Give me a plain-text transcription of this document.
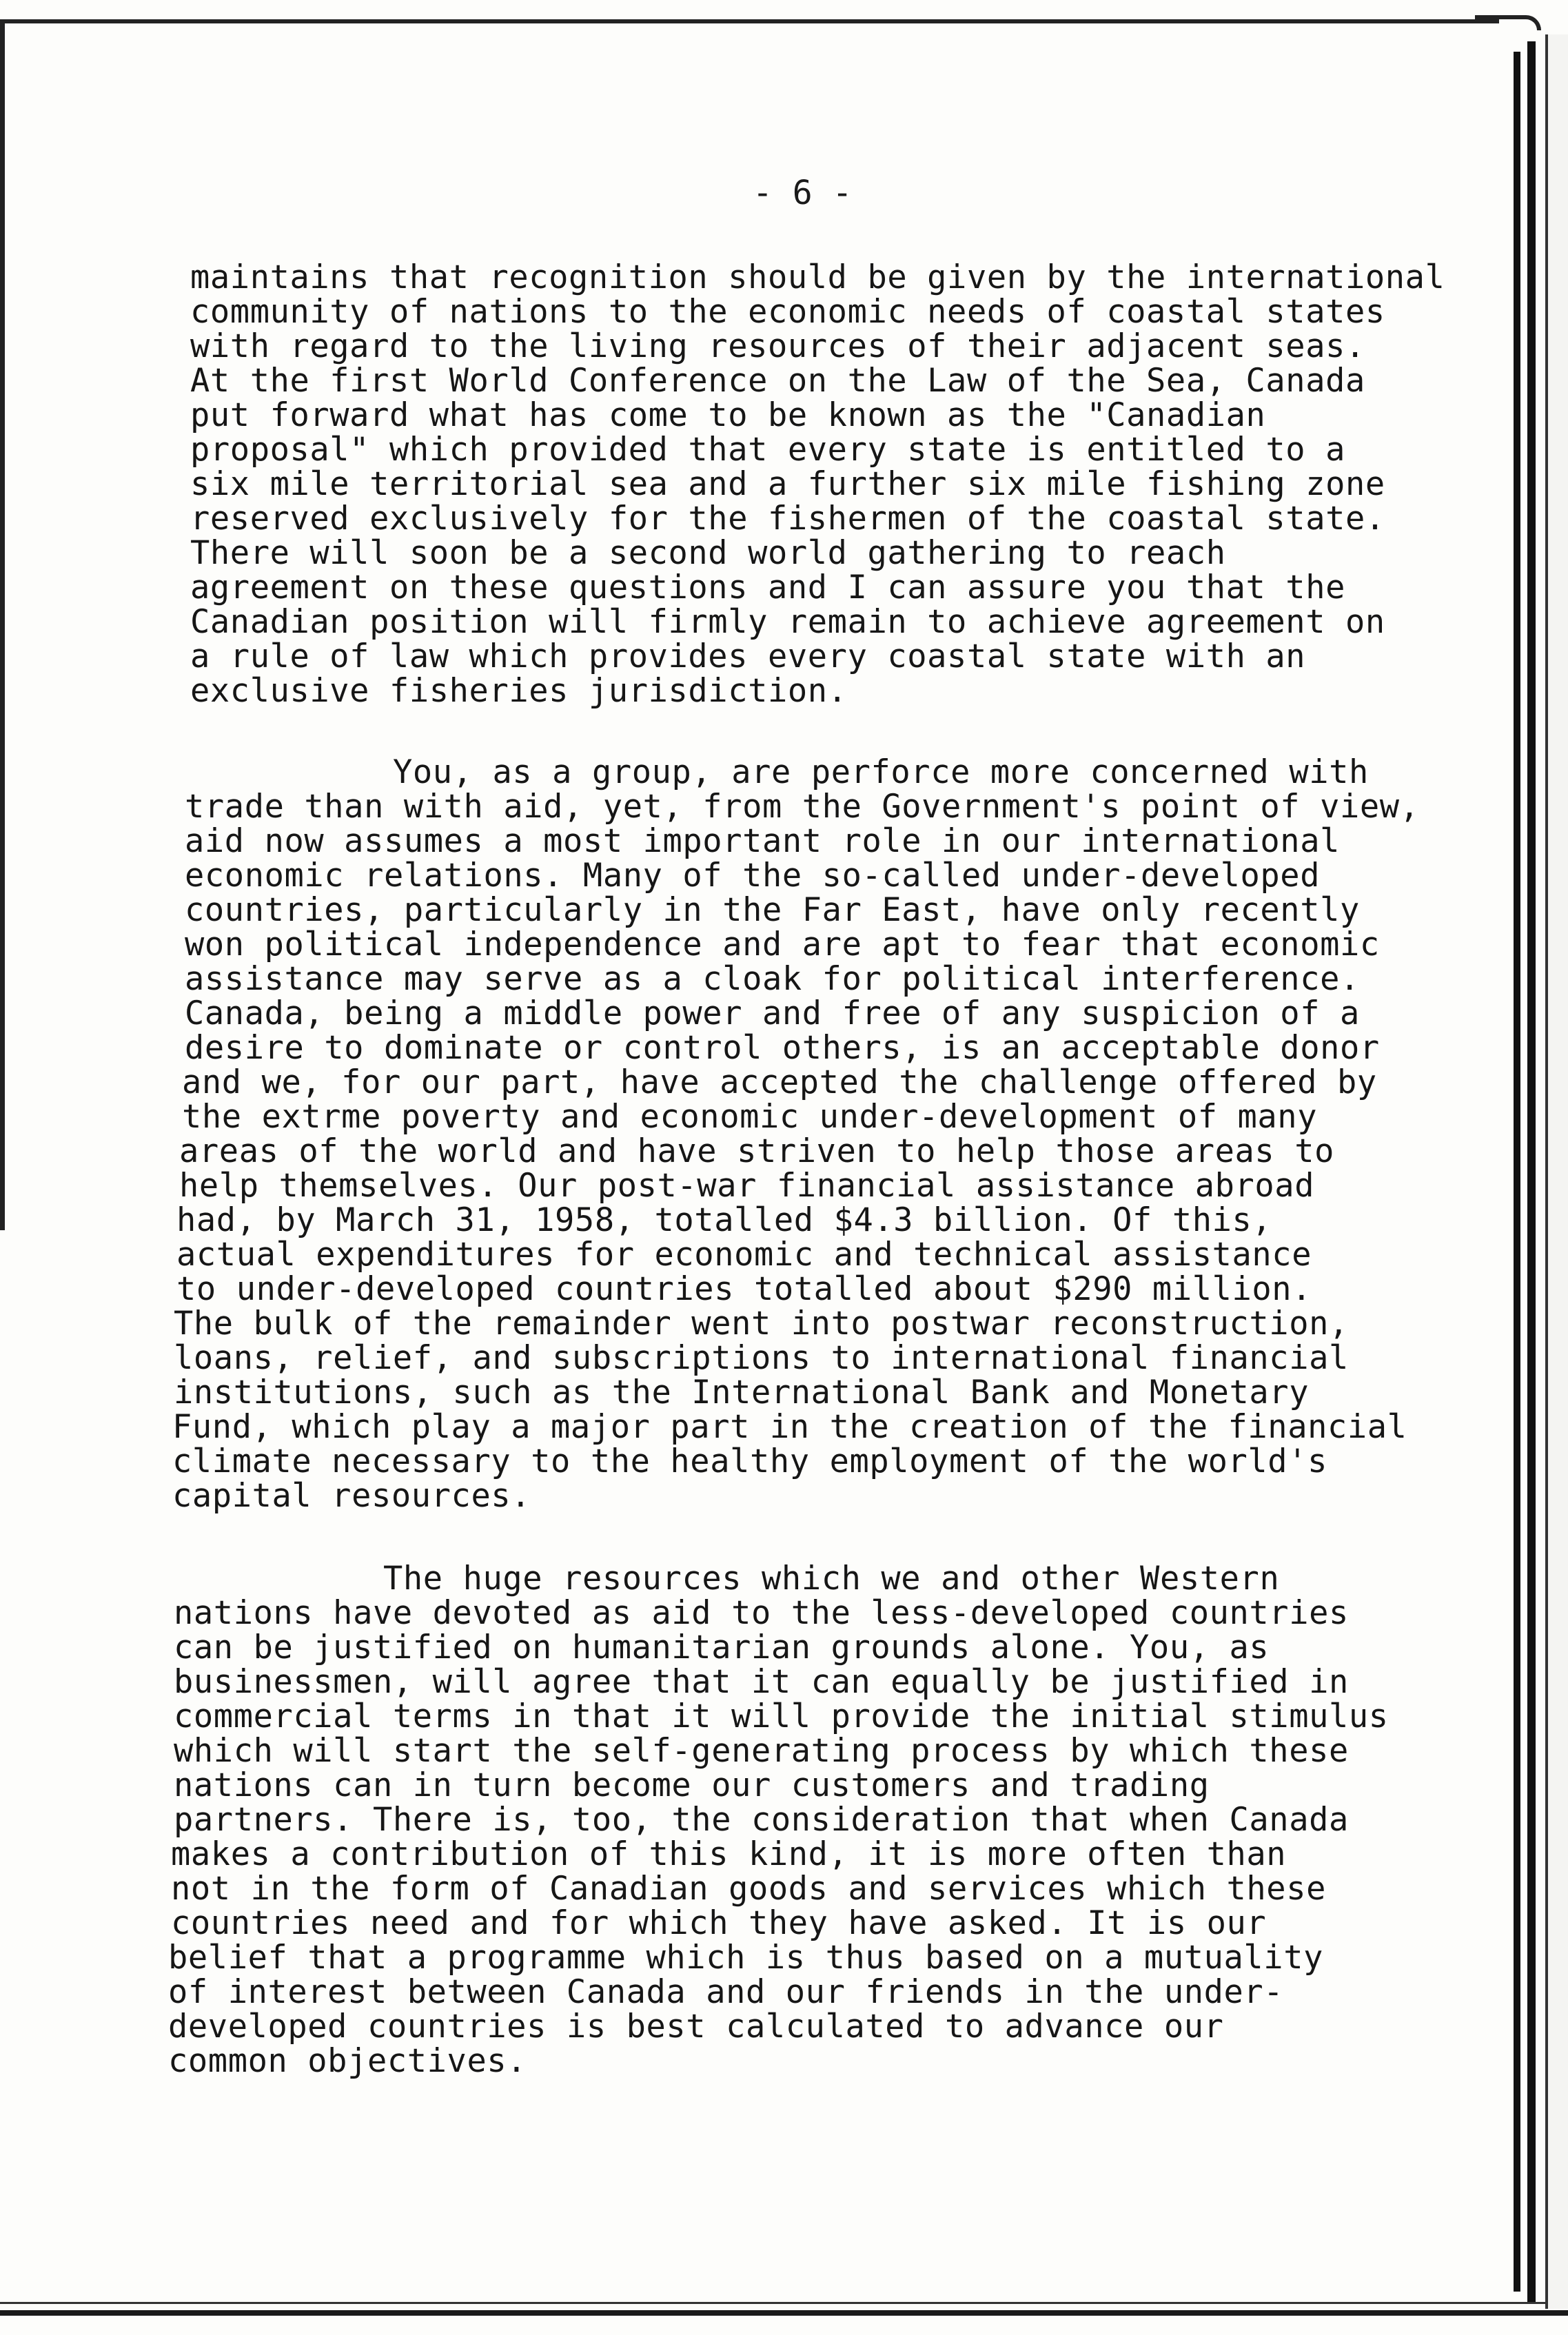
- 6 -
maintains that recognition should be given by the international
community of nations to the economic needs of coastal states
with regard to the living resources of their adjacent seas.
At the first World Conference on the Law of the Sea, Canada
put forward what has come to be known as the "Canadian
proposal" which provided that every state is entitled to a
six mile territorial sea and a further six mile fishing zone
reserved exclusively for the fishermen of the coastal state.
There will soon be a second world gathering to reach
agreement on these questions and I can assure you that the
Canadian position will firmly remain to achieve agreement on
a rule of law which provides every coastal state with an
exclusive fisheries jurisdiction.
You, as a group, are perforce more concerned with
trade than with aid, yet, from the Government's point of view,
aid now assumes a most important role in our international
economic relations. Many of the so-called under-developed
countries, particularly in the Far East, have only recently
won political independence and are apt to fear that economic
assistance may serve as a cloak for political interference.
Canada, being a middle power and free of any suspicion of a
desire to dominate or control others, is an acceptable donor
and we, for our part, have accepted the challenge offered by
the extrme poverty and economic under-development of many
areas of the world and have striven to help those areas to
help themselves. Our post-war financial assistance abroad
had, by March 31, 1958, totalled $4.3 billion. Of this,
actual expenditures for economic and technical assistance
to under-developed countries totalled about $290 million.
The bulk of the remainder went into postwar reconstruction,
loans, relief, and subscriptions to international financial
institutions, such as the International Bank and Monetary
Fund, which play a major part in the creation of the financial
climate necessary to the healthy employment of the world's
capital resources.
The huge resources which we and other Western
nations have devoted as aid to the less-developed countries
can be justified on humanitarian grounds alone. You, as
businessmen, will agree that it can equally be justified in
commercial terms in that it will provide the initial stimulus
which will start the self-generating process by which these
nations can in turn become our customers and trading
partners. There is, too, the consideration that when Canada
makes a contribution of this kind, it is more often than
not in the form of Canadian goods and services which these
countries need and for which they have asked. It is our
belief that a programme which is thus based on a mutuality
of interest between Canada and our friends in the under-
developed countries is best calculated to advance our
common objectives.
